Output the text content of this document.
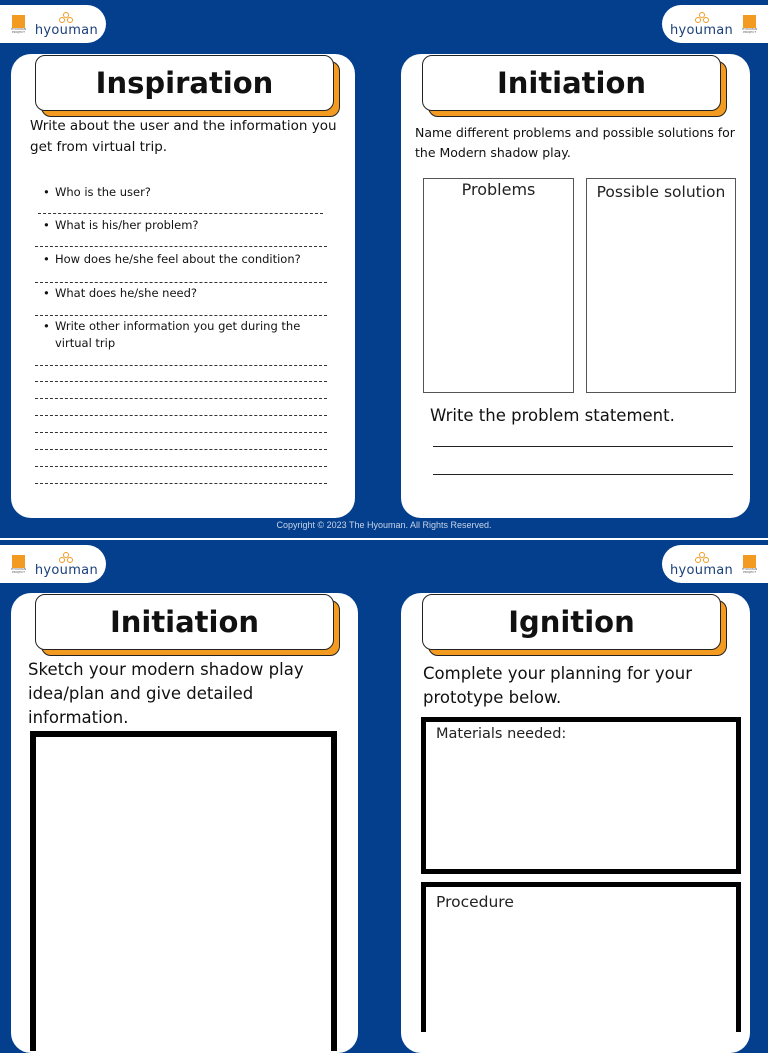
HYOUMAN PROJECT hyouman	hyouman	HYOUMAN PROJECT
Inspiration
Write about the user and the information you get from virtual trip.
• Who is the user?
• What is his/her problem?
• How does he/she feel about the condition?
• What does he/she need?
• Write other information you get during the virtual trip
Initiation
Name different problems and possible solutions for the Modern shadow play.
Problems	Possible solution
Write the problem statement.
Copyright © 2023 The Hyouman. All Rights Reserved.
HYOUMAN PROJECT hyouman	hyouman	HYOUMAN PROJECT
Initiation
Sketch your modern shadow play idea/plan and give detailed information.
Ignition
Complete your planning for your prototype below.
Materials needed:
Procedure
